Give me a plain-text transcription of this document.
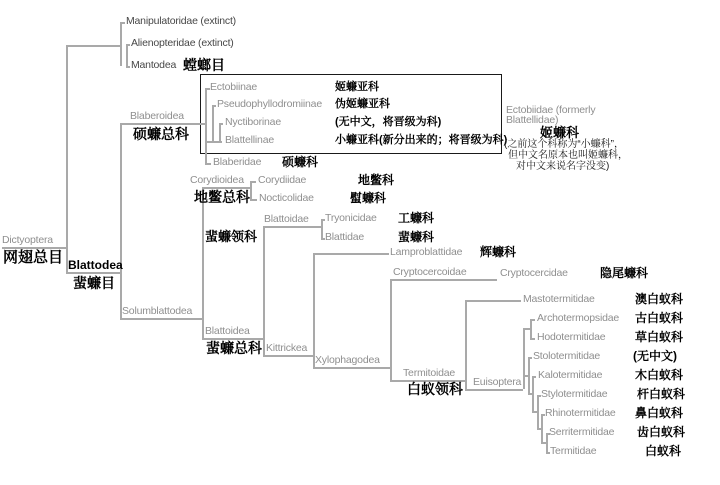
Manipulatoridae (extinct)
Alienopteridae (extinct)
Mantodea 螳螂目
Ectobiinae	姬蠊亚科
Pseudophyllodromiinae 伪姬蠊亚科
Nyctiborinae	(无中文，将晋级为科)
Blattellinae	小蠊亚科(新分出来的；将晋级为科)
Blaberidae 硕蠊科
Ectobiidae (formerly
Blattellidae)
姬蠊科
(之前这个科称为“小蠊科”，
但中文名原本也叫姬蠊科，
对中文来说名字没变)
Dictyoptera
网翅总目 Blattodea
蜚蠊目
Blaberoidea
硕蠊总科
Solumblattodea
Corydioidea
地鳖总科
Corydiidae	地鳖科
Nocticolidae	螱蠊科
Blattoidae
蜚蠊领科
Tryonicidae 工蠊科
Blattidae	蜚蠊科
Blattoidea
蜚蠊总科 Kittrickea
Lamproblattidae 辉蠊科
Xylophagodea
Cryptocercoidae	Cryptocercidae	隐尾蠊科
Termitoidae
白蚁领科 Euisoptera
Mastotermitidae	澳白蚁科
Archotermopsidae 古白蚁科
Hodotermitidae 草白蚁科
Stolotermitidae	(无中文)
Kalotermitidae	木白蚁科
Stylotermitidae 杆白蚁科
Rhinotermitidae 鼻白蚁科
Serritermitidae 齿白蚁科
Termitidae	白蚁科
